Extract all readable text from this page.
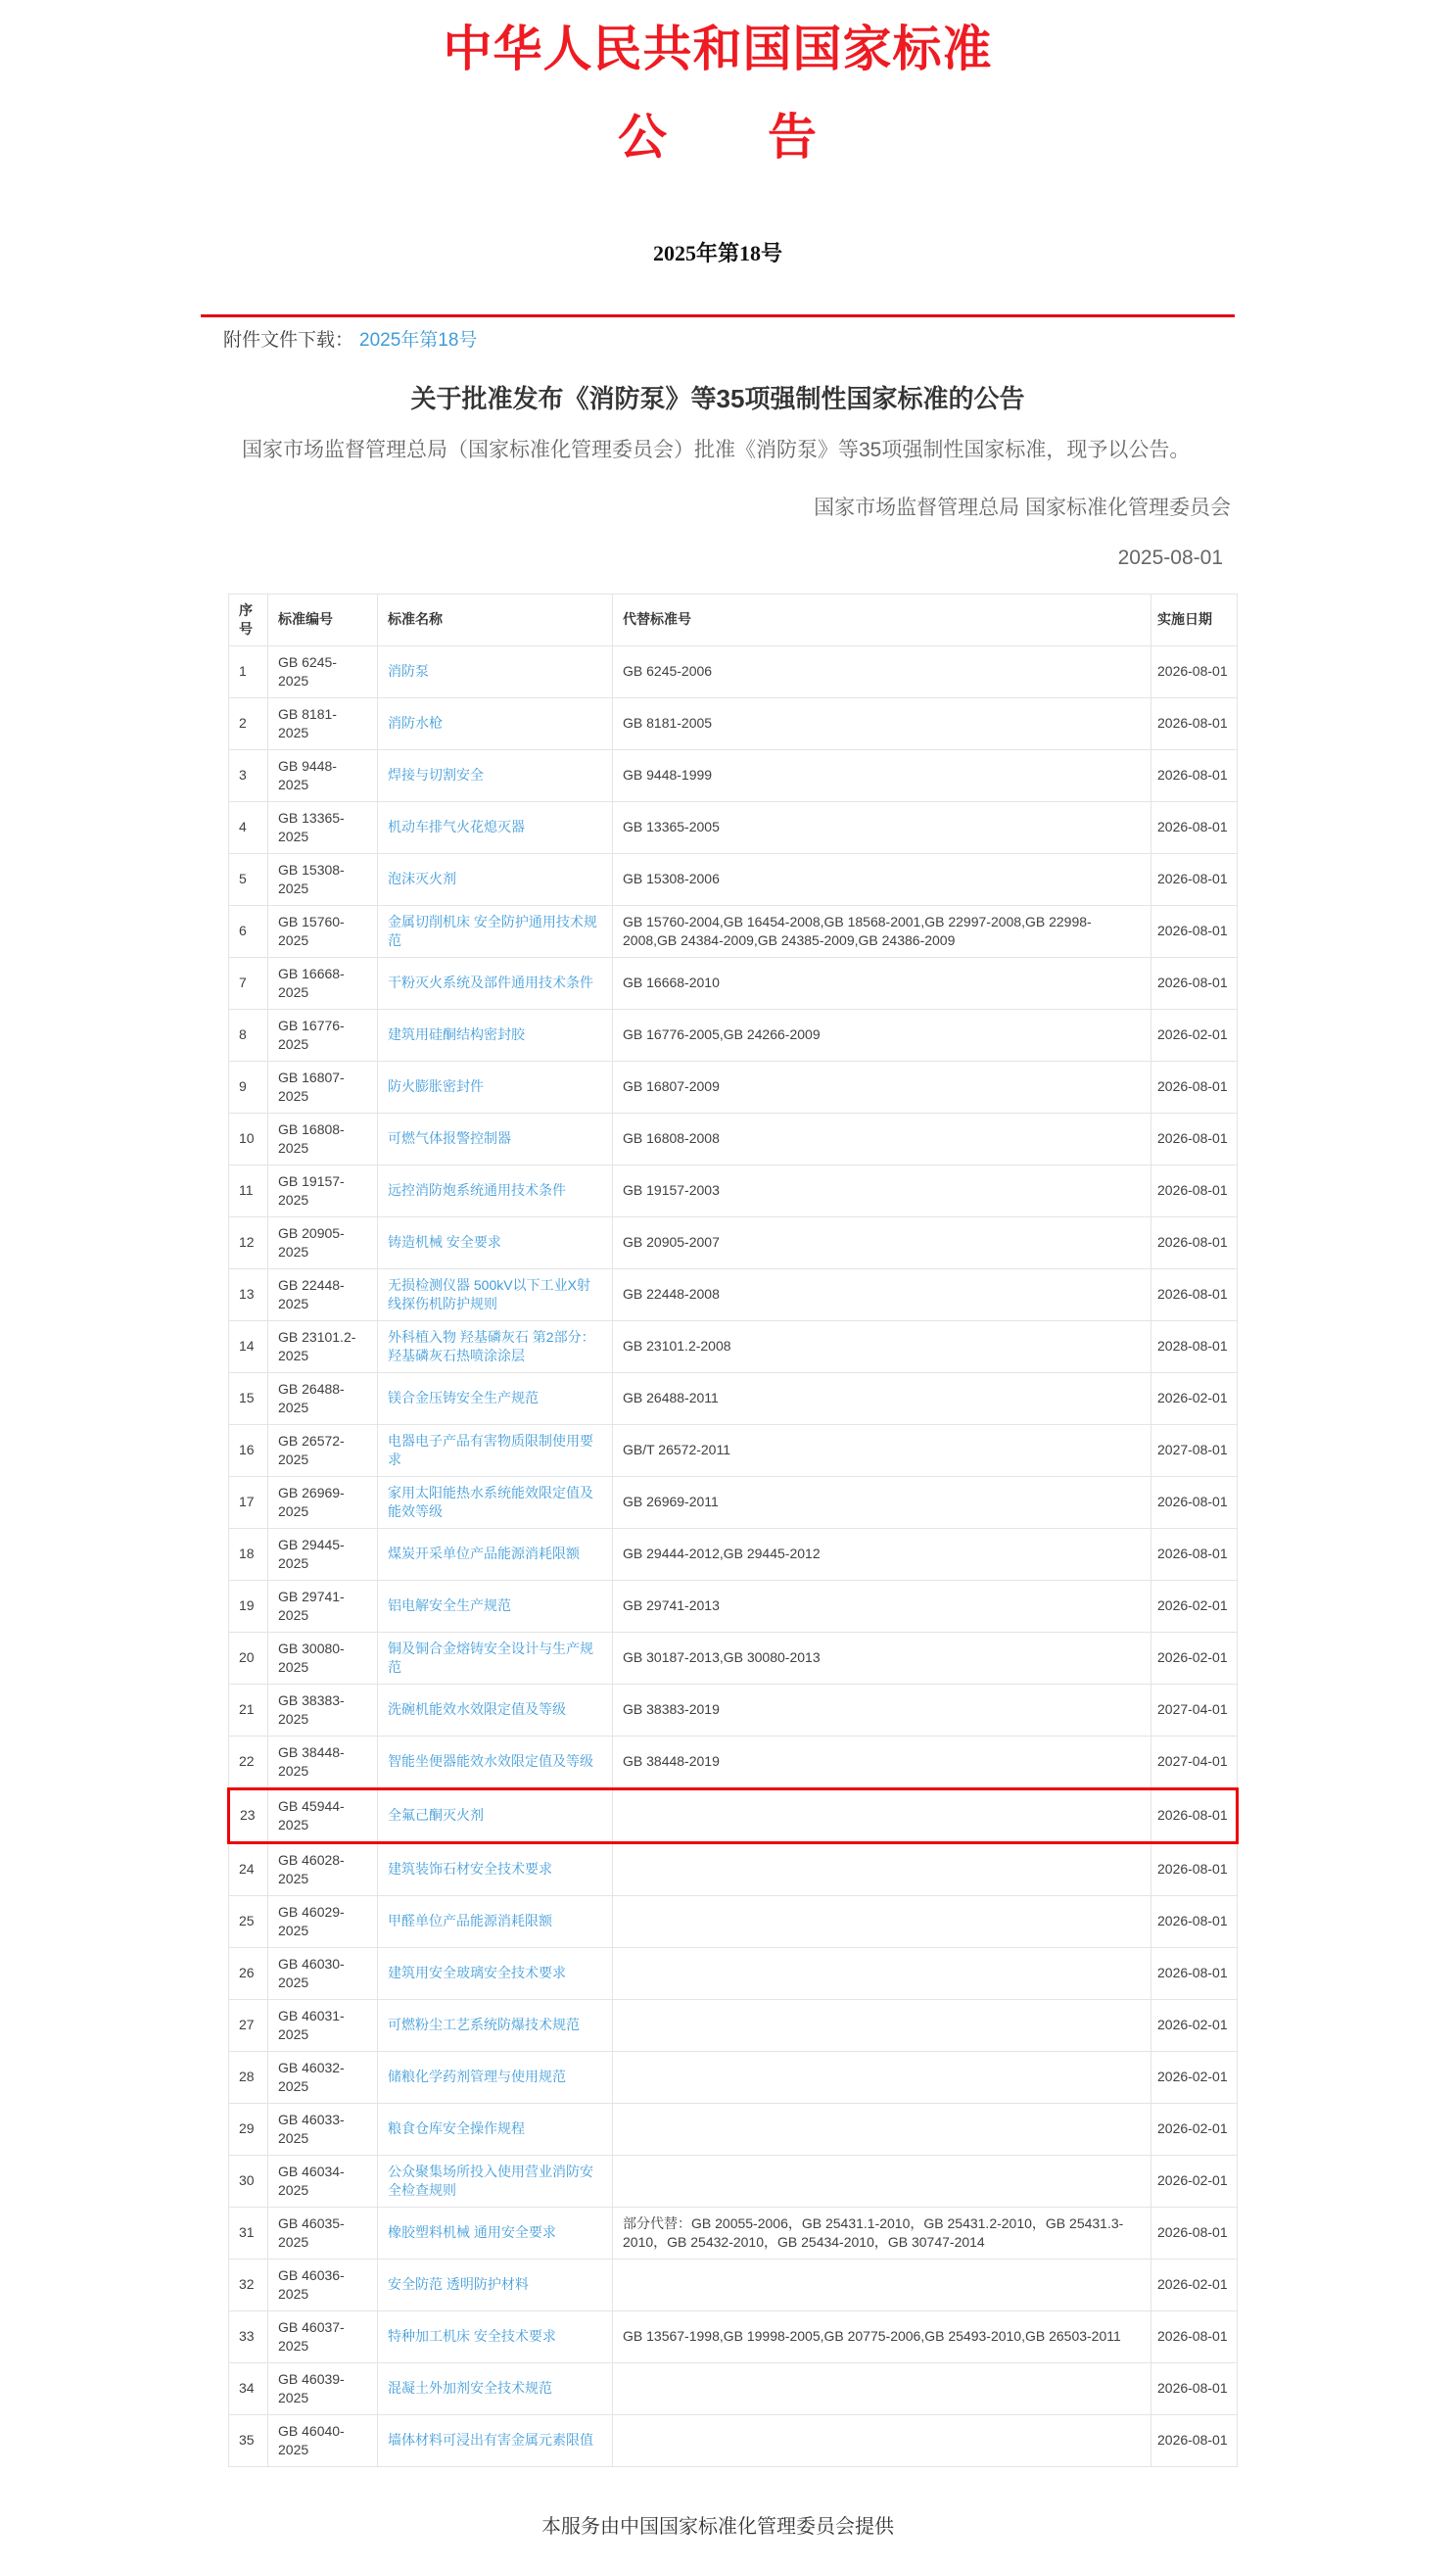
中华人民共和国国家标准
公　　告
2025年第18号
附件文件下载： 2025年第18号
关于批准发布《消防泵》等35项强制性国家标准的公告

国家市场监督管理总局（国家标准化管理委员会）批准《消防泵》等35项强制性国家标准，现予以公告。

国家市场监督管理总局 国家标准化管理委员会

2025-08-01

序号	标准编号	标准名称	代替标准号	实施日期
1	GB 6245-2025	消防泵	GB 6245-2006	2026-08-01
2	GB 8181-2025	消防水枪	GB 8181-2005	2026-08-01
3	GB 9448-2025	焊接与切割安全	GB 9448-1999	2026-08-01
4	GB 13365-2025	机动车排气火花熄灭器	GB 13365-2005	2026-08-01
5	GB 15308-2025	泡沫灭火剂	GB 15308-2006	2026-08-01
6	GB 15760-2025	金属切削机床 安全防护通用技术规范	GB 15760-2004,GB 16454-2008,GB 18568-2001,GB 22997-2008,GB 22998-2008,GB 24384-2009,GB 24385-2009,GB 24386-2009	2026-08-01
7	GB 16668-2025	干粉灭火系统及部件通用技术条件	GB 16668-2010	2026-08-01
8	GB 16776-2025	建筑用硅酮结构密封胶	GB 16776-2005,GB 24266-2009	2026-02-01
9	GB 16807-2025	防火膨胀密封件	GB 16807-2009	2026-08-01
10	GB 16808-2025	可燃气体报警控制器	GB 16808-2008	2026-08-01
11	GB 19157-2025	远控消防炮系统通用技术条件	GB 19157-2003	2026-08-01
12	GB 20905-2025	铸造机械 安全要求	GB 20905-2007	2026-08-01
13	GB 22448-2025	无损检测仪器 500kV以下工业X射线探伤机防护规则	GB 22448-2008	2026-08-01
14	GB 23101.2-2025	外科植入物 羟基磷灰石 第2部分：羟基磷灰石热喷涂涂层	GB 23101.2-2008	2028-08-01
15	GB 26488-2025	镁合金压铸安全生产规范	GB 26488-2011	2026-02-01
16	GB 26572-2025	电器电子产品有害物质限制使用要求	GB/T 26572-2011	2027-08-01
17	GB 26969-2025	家用太阳能热水系统能效限定值及能效等级	GB 26969-2011	2026-08-01
18	GB 29445-2025	煤炭开采单位产品能源消耗限额	GB 29444-2012,GB 29445-2012	2026-08-01
19	GB 29741-2025	铝电解安全生产规范	GB 29741-2013	2026-02-01
20	GB 30080-2025	铜及铜合金熔铸安全设计与生产规范	GB 30187-2013,GB 30080-2013	2026-02-01
21	GB 38383-2025	洗碗机能效水效限定值及等级	GB 38383-2019	2027-04-01
22	GB 38448-2025	智能坐便器能效水效限定值及等级	GB 38448-2019	2027-04-01
23	GB 45944-2025	全氟己酮灭火剂		2026-08-01
24	GB 46028-2025	建筑装饰石材安全技术要求		2026-08-01
25	GB 46029-2025	甲醛单位产品能源消耗限额		2026-08-01
26	GB 46030-2025	建筑用安全玻璃安全技术要求		2026-08-01
27	GB 46031-2025	可燃粉尘工艺系统防爆技术规范		2026-02-01
28	GB 46032-2025	储粮化学药剂管理与使用规范		2026-02-01
29	GB 46033-2025	粮食仓库安全操作规程		2026-02-01
30	GB 46034-2025	公众聚集场所投入使用营业消防安全检查规则		2026-02-01
31	GB 46035-2025	橡胶塑料机械 通用安全要求	部分代替：GB 20055-2006，GB 25431.1-2010，GB 25431.2-2010，GB 25431.3-2010，GB 25432-2010，GB 25434-2010，GB 30747-2014	2026-08-01
32	GB 46036-2025	安全防范 透明防护材料		2026-02-01
33	GB 46037-2025	特种加工机床 安全技术要求	GB 13567-1998,GB 19998-2005,GB 20775-2006,GB 25493-2010,GB 26503-2011	2026-08-01
34	GB 46039-2025	混凝土外加剂安全技术规范		2026-08-01
35	GB 46040-2025	墙体材料可浸出有害金属元素限值		2026-08-01
本服务由中国国家标准化管理委员会提供
